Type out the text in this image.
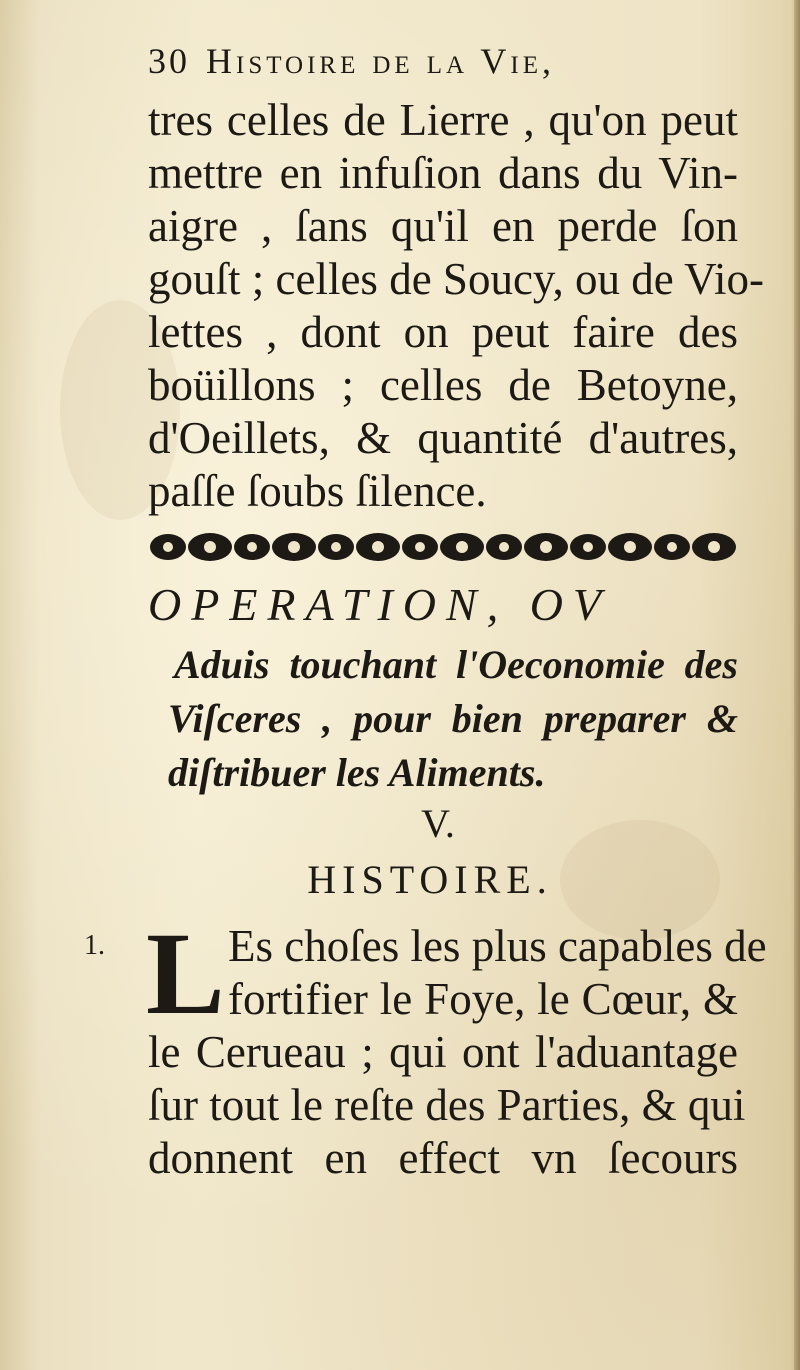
30 Histoire de la Vie,
tres celles de Lierre , qu'on peut
mettre en infuſion dans du Vin-
aigre , ſans qu'il en perde ſon
gouſt ; celles de Soucy, ou de Vio-
lettes , dont on peut faire des
boüillons ; celles de Betoyne,
d'Oeillets, & quantité d'autres,
paſſe ſoubs ſilence.
OPERATION, OV
Aduis touchant l'Oeconomie des
Viſceres , pour bien preparer &
diſtribuer les Aliments.
V.
HISTOIRE.
1. L Es choſes les plus capables de
fortifier le Foye, le Cœur, &
le Cerueau ; qui ont l'aduantage
ſur tout le reſte des Parties, & qui
donnent en effect vn ſecours
